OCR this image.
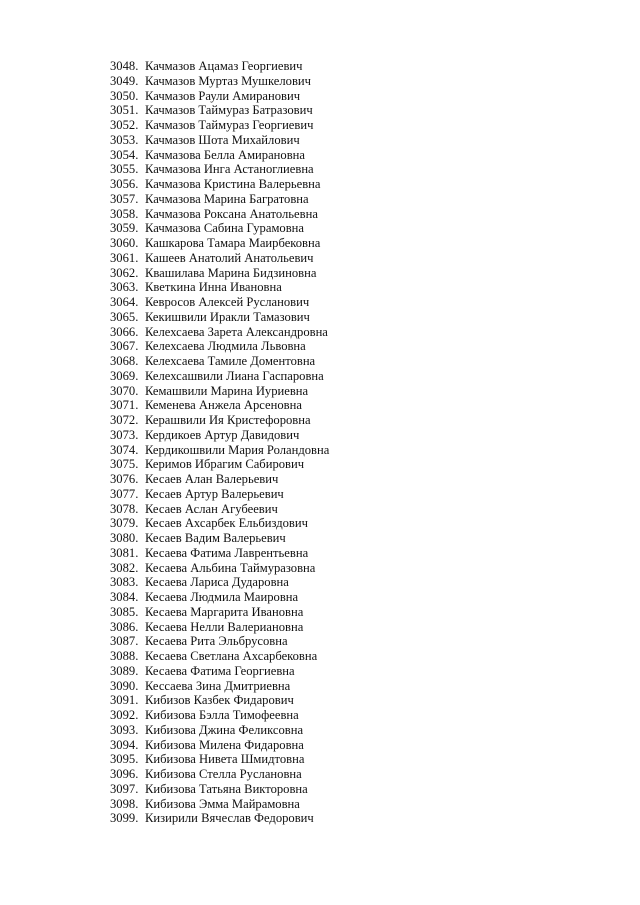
3048. Качмазов Ацамаз Георгиевич
3049. Качмазов Муртаз Мушкелович
3050. Качмазов Раули Амиранович
3051. Качмазов Таймураз Батразович
3052. Качмазов Таймураз Георгиевич
3053. Качмазов Шота Михайлович
3054. Качмазова Белла Амирановна
3055. Качмазова Инга Астаноглиевна
3056. Качмазова Кристина Валерьевна
3057. Качмазова Марина Багратовна
3058. Качмазова Роксана Анатольевна
3059. Качмазова Сабина Гурамовна
3060. Кашкарова Тамара Маирбековна
3061. Кашеев Анатолий Анатольевич
3062. Квашилава Марина Бидзиновна
3063. Кветкина Инна Ивановна
3064. Кевросов Алексей Русланович
3065. Кекишвили Иракли Тамазович
3066. Келехсаева Зарета Александровна
3067. Келехсаева Людмила Львовна
3068. Келехсаева Тамиле Доментовна
3069. Келехсашвили Лиана Гаспаровна
3070. Кемашвили Марина Иуриевна
3071. Кеменева Анжела Арсеновна
3072. Керашвили Ия Кристефоровна
3073. Кердикоев Артур Давидович
3074. Кердикошвили Мария Роландовна
3075. Керимов Ибрагим Сабирович
3076. Кесаев Алан Валерьевич
3077. Кесаев Артур Валерьевич
3078. Кесаев Аслан Агубеевич
3079. Кесаев Ахсарбек Ельбиздович
3080. Кесаев Вадим Валерьевич
3081. Кесаева Фатима Лаврентьевна
3082. Кесаева Альбина Таймуразовна
3083. Кесаева Лариса Дударовна
3084. Кесаева Людмила Маировна
3085. Кесаева Маргарита Ивановна
3086. Кесаева Нелли Валериановна
3087. Кесаева Рита Эльбрусовна
3088. Кесаева Светлана Ахсарбековна
3089. Кесаева Фатима Георгиевна
3090. Кессаева Зина Дмитриевна
3091. Кибизов Казбек Фидарович
3092. Кибизова Бэлла Тимофеевна
3093. Кибизова Джина Феликсовна
3094. Кибизова Милена Фидаровна
3095. Кибизова Нивета Шмидтовна
3096. Кибизова Стелла Руслановна
3097. Кибизова Татьяна Викторовна
3098. Кибизова Эмма Майрамовна
3099. Кизирили Вячеслав Федорович
